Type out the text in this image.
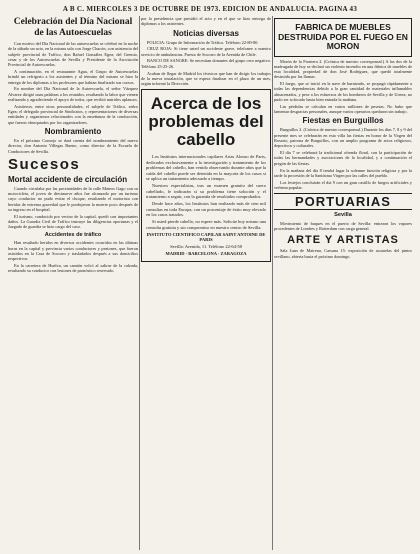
A B C. MIERCOLES 3 DE OCTUBRE DE 1973. EDICION DE ANDALUCIA. PAGINA 43
Celebración del Día Nacional de las Autoescuelas

Con motivo del Día Nacional de las autoescuelas se celebró en la noche de la sábado un acto, en la misma sala con Jorge Chacón, con asistencia del subjefe provincial de Tráfico, don Rafael González Egea; del Gremio, cesar y de los Autoescuelas de Sevilla y Presidente de la Asociación Provincial de Autoescuelas.

A continuación, en el restaurante Agua, el Grupo de Autoescuelas brindó un refrigerio a los asistentes y al término del mismo se hizo la entrega de los diplomas a los profesores que habían finalizado sus cursos.

En nombre del Día Nacional de la Autoescuela, el señor Vázquez Alvarez dirigió unas palabras a los reunidos, resaltando la labor que vienen realizando y agradeciendo el apoyo de todos, que recibió nutridos aplausos.

Asistieron, entre otras personalidades, el subjefe de Tráfico, señor Egea; el delegado provincial de Sindicatos, y representaciones de diversas entidades y organismos relacionados con la enseñanza de la conducción, que fueron obsequiados por los organizadores.

Nombramiento

En el próximo Consejo se dará cuenta del nombramiento del nuevo director, don Antonio Villegas Bueno, como director de la Escuela de Conductores de Sevilla.

Sucesos
Mortal accidente de circulación

Cuando circulaba por las proximidades de la calle Mateos Gago con su motocicleta, el joven de diecinueve años fue alcanzado por un turismo cuyo conductor no pudo evitar el choque, resultando el motorista con heridas de extrema gravedad que le produjeron la muerte poco después de su ingreso en el hospital.

El turismo, conducido por vecino de la capital, quedó con importantes daños. La Guardia Civil de Tráfico instruye las diligencias oportunas y el Juzgado de guardia se hizo cargo del caso.

Accidentes de tráfico

Han resultado heridos en diversos accidentes ocurridos en las últimas horas en la capital y provincia varios conductores y peatones, que fueron asistidos en la Casa de Socorro y trasladados después a sus domicilios respectivos.

En la carretera de Huelva, un camión volcó al salirse de la calzada, resultando su conductor con lesiones de pronóstico reservado.

por la presidencia que presidió el acto y en el que se hizo entrega de diplomas a los asistentes.

Noticias diversas

POLICIA: Grupo de Información de Tráfico. Teléfono 22-80-80.

CRUZ ROJA: Si tiene usted un accidente grave, telefonee a nuestro servicio de ambulancias. Puesto de Socorro de la Avenida de Chile.

BANCO DE SANGRE: Se necesitan donantes del grupo cero negativo. Teléfono 25-25-26.

Acaban de llegar de Madrid los técnicos que han de dirigir los trabajos de la nueva instalación, que se espera finalizar en el plazo de un mes, según informó la Dirección.

Acerca de los problemas del cabello

Los Institutos internacionales capilares Arias Alonso de Paris, dedicados exclusivamente a la investigación y tratamiento de los problemas del cabello, han venido observando durante años que la caída del cabello puede ser detenida en la mayoría de los casos si se aplica un tratamiento adecuado a tiempo.

Nuestros especialistas, tras un examen gratuito del cuero cabelludo, le indicarán si su problema tiene solución y el tratamiento a seguir, con la garantía de resultados comprobados.

Desde hace años, los Institutos han realizado más de cien mil consultas en toda Europa, con un porcentaje de éxito muy elevado en los casos tratados.

Si usted pierde cabello, no espere más. Solicite hoy mismo una consulta gratuita y sin compromiso en nuestro centro de Sevilla.

INSTITUTO CIENTIFICO CAPILAR SAINT ANTOINE DE PARIS

Sevilla: Avenida, 11. Teléfono 22-64-58

MADRID · BARCELONA · ZARAGOZA

FABRICA DE MUEBLES DESTRUIDA POR EL FUEGO EN MORON

Morón de la Frontera 2. (Crónica de nuestro corresponsal.) A las dos de la madrugada de hoy se declaró un violento incendio en una fábrica de muebles de esta localidad, propiedad de don José Rodríguez, que quedó totalmente destruida por las llamas.

El fuego, que se inició en la nave de barnizado, se propagó rápidamente a todas las dependencias debido a la gran cantidad de materiales inflamables almacenados, y pese a los esfuerzos de los bomberos de Sevilla y de Utrera, no pudo ser sofocado hasta bien entrada la mañana.

Las pérdidas se calculan en varios millones de pesetas. No hubo que lamentar desgracias personales, aunque varios operarios quedaron sin trabajo.

Fiestas en Burguillos

Burguillos 2. (Crónica de nuestro corresponsal.) Durante los días 7, 8 y 9 del presente mes se celebrarán en esta villa las fiestas en honor de la Virgen del Rosario, patrona de Burguillos, con un amplio programa de actos religiosos, deportivos y culturales.

El día 7 se celebrará la tradicional ofrenda floral, con la participación de todas las hermandades y asociaciones de la localidad, y a continuación el pregón de las fiestas.

En la mañana del día 8 tendrá lugar la solemne función religiosa y por la tarde la procesión de la Santísima Virgen por las calles del pueblo.

Los festejos concluirán el día 9 con un gran castillo de fuegos artificiales y verbena popular.

PORTUARIAS
Sevilla

Movimiento de buques en el puerto de Sevilla: entraron los vapores procedentes de Londres y Rotterdam con carga general.

ARTE Y ARTISTAS

Sala Juan de Mairena, Carsana 15: exposición de acuarelas del pintor sevillano, abierta hasta el próximo domingo.
